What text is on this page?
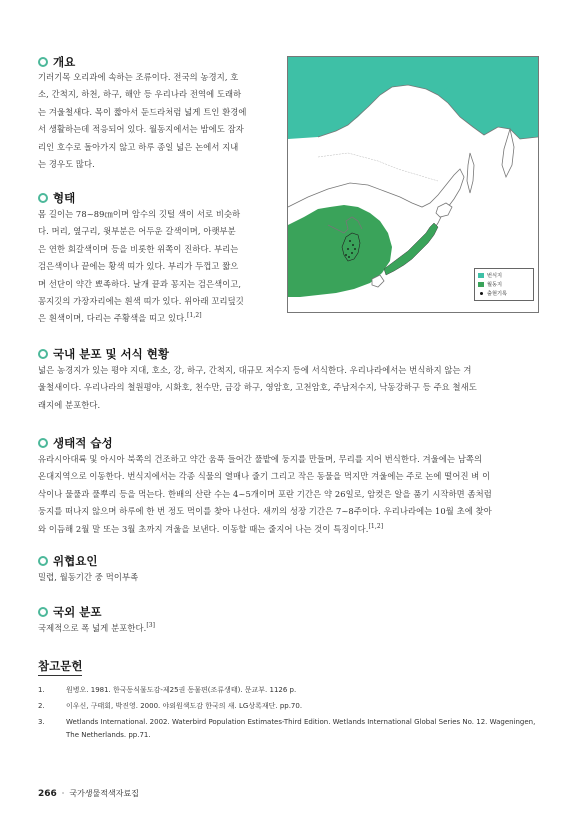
개요
기러기목 오리과에 속하는 조류이다. 전국의 농경지, 호
소, 간척지, 하천, 하구, 해안 등 우리나라 전역에 도래하
는 겨울철새다. 목이 짧아서 둔드라처럼 넓게 트인 환경에
서 생활하는데 적응되어 있다. 월동지에서는 밤에도 잠자
리인 호수로 돌아가지 않고 하루 종일 넓은 논에서 지내
는 경우도 많다.
형태
몸 길이는 78~89㎝이며 암수의 깃털 색이 서로 비슷하
다. 머리, 옆구리, 윗부분은 어두운 갈색이며, 아랫부분
은 연한 회갈색이며 등을 비롯한 위쪽이 진하다. 부리는
검은색이나 끝에는 황색 띠가 있다. 부리가 두껍고 짧으
며 선단이 약간 뾰족하다. 날개 끝과 꽁지는 검은색이고,
꽁지깃의 가장자리에는 흰색 띠가 있다. 위아래 꼬리덮깃
은 흰색이며, 다리는 주황색을 띠고 있다.[1,2]
번식지
월동지
출현기록
국내 분포 및 서식 현황
넓은 농경지가 있는 평야 지대, 호소, 강, 하구, 간척지, 대규모 저수지 등에 서식한다. 우리나라에서는 번식하지 않는 겨
울철새이다. 우리나라의 철원평야, 시화호, 천수만, 금강 하구, 영암호, 고천암호, 주남저수지, 낙동강하구 등 주요 철새도
래지에 분포한다.
생태적 습성
유라시아대륙 및 아시아 북쪽의 건조하고 약간 움푹 들어간 풀밭에 둥지를 만들며, 무리를 지어 번식한다. 겨울에는 남쪽의
온대지역으로 이동한다. 번식지에서는 각종 식물의 열매나 줄기 그리고 작은 동물을 먹지만 겨울에는 주로 논에 떨어진 벼 이
삭이나 물풀과 풀뿌리 등을 먹는다. 한배의 산란 수는 4~5개이며 포란 기간은 약 26일로, 암컷은 알을 품기 시작하면 좀처럼
둥지를 떠나지 않으며 하루에 한 번 정도 먹이를 찾아 나선다. 새끼의 성장 기간은 7~8주이다. 우리나라에는 10월 초에 찾아
와 이듬해 2월 말 또는 3월 초까지 겨울을 보낸다. 이동할 때는 줄지어 나는 것이 특징이다.[1,2]
위협요인
밀렵, 월동기간 중 먹이부족
국외 분포
국제적으로 폭 넓게 분포한다.[3]
참고문헌
1.	원병오. 1981. 한국동식물도감-제25권 동물편(조류생태). 문교부. 1126 p.
2.	이우신, 구태회, 박진영. 2000. 야외원색도감 한국의 새. LG상록재단. pp.70.
3.	Wetlands International. 2002. Waterbird Population Estimates-Third Edition. Wetlands International Global Series No. 12. Wageningen, The Netherlands. pp.71.
266 · 국가생물적색자료집
